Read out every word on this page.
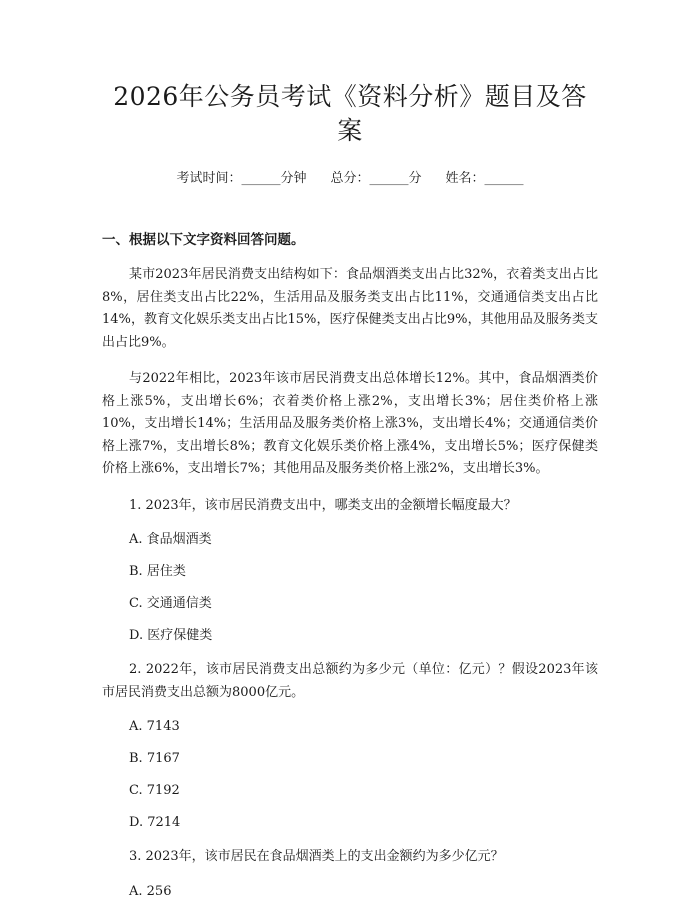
2026年公务员考试《资料分析》题目及答案
考试时间：______分钟 总分：______分 姓名：______
一、根据以下文字资料回答问题。

某市2023年居民消费支出结构如下：食品烟酒类支出占比32%，衣着类支出占比8%，居住类支出占比22%，生活用品及服务类支出占比11%，交通通信类支出占比14%，教育文化娱乐类支出占比15%，医疗保健类支出占比9%，其他用品及服务类支出占比9%。

与2022年相比，2023年该市居民消费支出总体增长12%。其中，食品烟酒类价格上涨5%，支出增长6%；衣着类价格上涨2%，支出增长3%；居住类价格上涨10%，支出增长14%；生活用品及服务类价格上涨3%，支出增长4%；交通通信类价格上涨7%，支出增长8%；教育文化娱乐类价格上涨4%，支出增长5%；医疗保健类价格上涨6%，支出增长7%；其他用品及服务类价格上涨2%，支出增长3%。

1. 2023年，该市居民消费支出中，哪类支出的金额增长幅度最大？

A. 食品烟酒类
B. 居住类
C. 交通通信类
D. 医疗保健类

2. 2022年，该市居民消费支出总额约为多少元（单位：亿元）？假设2023年该市居民消费支出总额为8000亿元。

A. 7143
B. 7167
C. 7192
D. 7214

3. 2023年，该市居民在食品烟酒类上的支出金额约为多少亿元？

A. 256
